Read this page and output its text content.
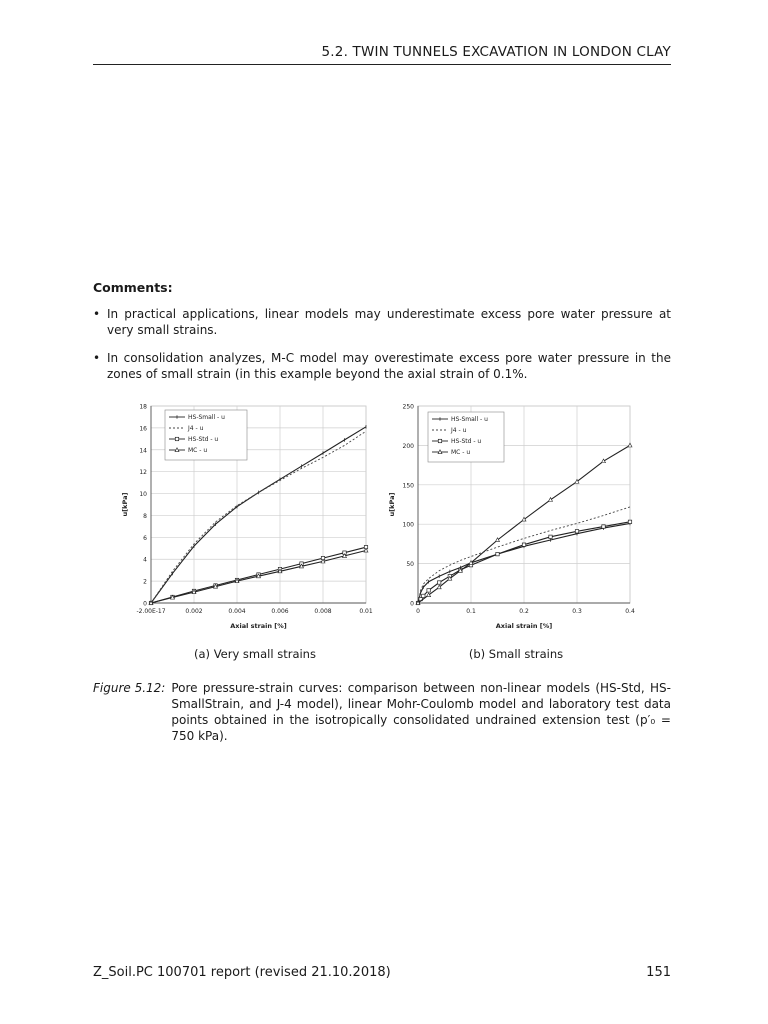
5.2. TWIN TUNNELS EXCAVATION IN LONDON CLAY
Comments:
• In practical applications, linear models may underestimate excess pore water pressure at very small strains.
• In consolidation analyzes, M-C model may overestimate excess pore water pressure in the zones of small strain (in this example beyond the axial strain of 0.1%.
0
2
4
6
8
10
12
14
16
18
-2.00E-17	0.002	0.004	0.006	0.008	0.01
Axial strain [%]
u[kPa]
HS-Small - u
J4 - u
HS-Std - u
MC - u
0
50
100
150
200
250
0	0.1	0.2	0.3	0.4
Axial strain [%]
u[kPa]
HS-Small - u
J4 - u
HS-Std - u
MC - u
(a) Very small strains	(b) Small strains
Figure 5.12: Pore pressure-strain curves: comparison between non-linear models (HS-Std, HS-SmallStrain, and J-4 model), linear Mohr-Coulomb model and laboratory test data points obtained in the isotropically consolidated undrained extension test (p′₀ = 750 kPa).
Z_Soil.PC 100701 report (revised 21.10.2018)	151
